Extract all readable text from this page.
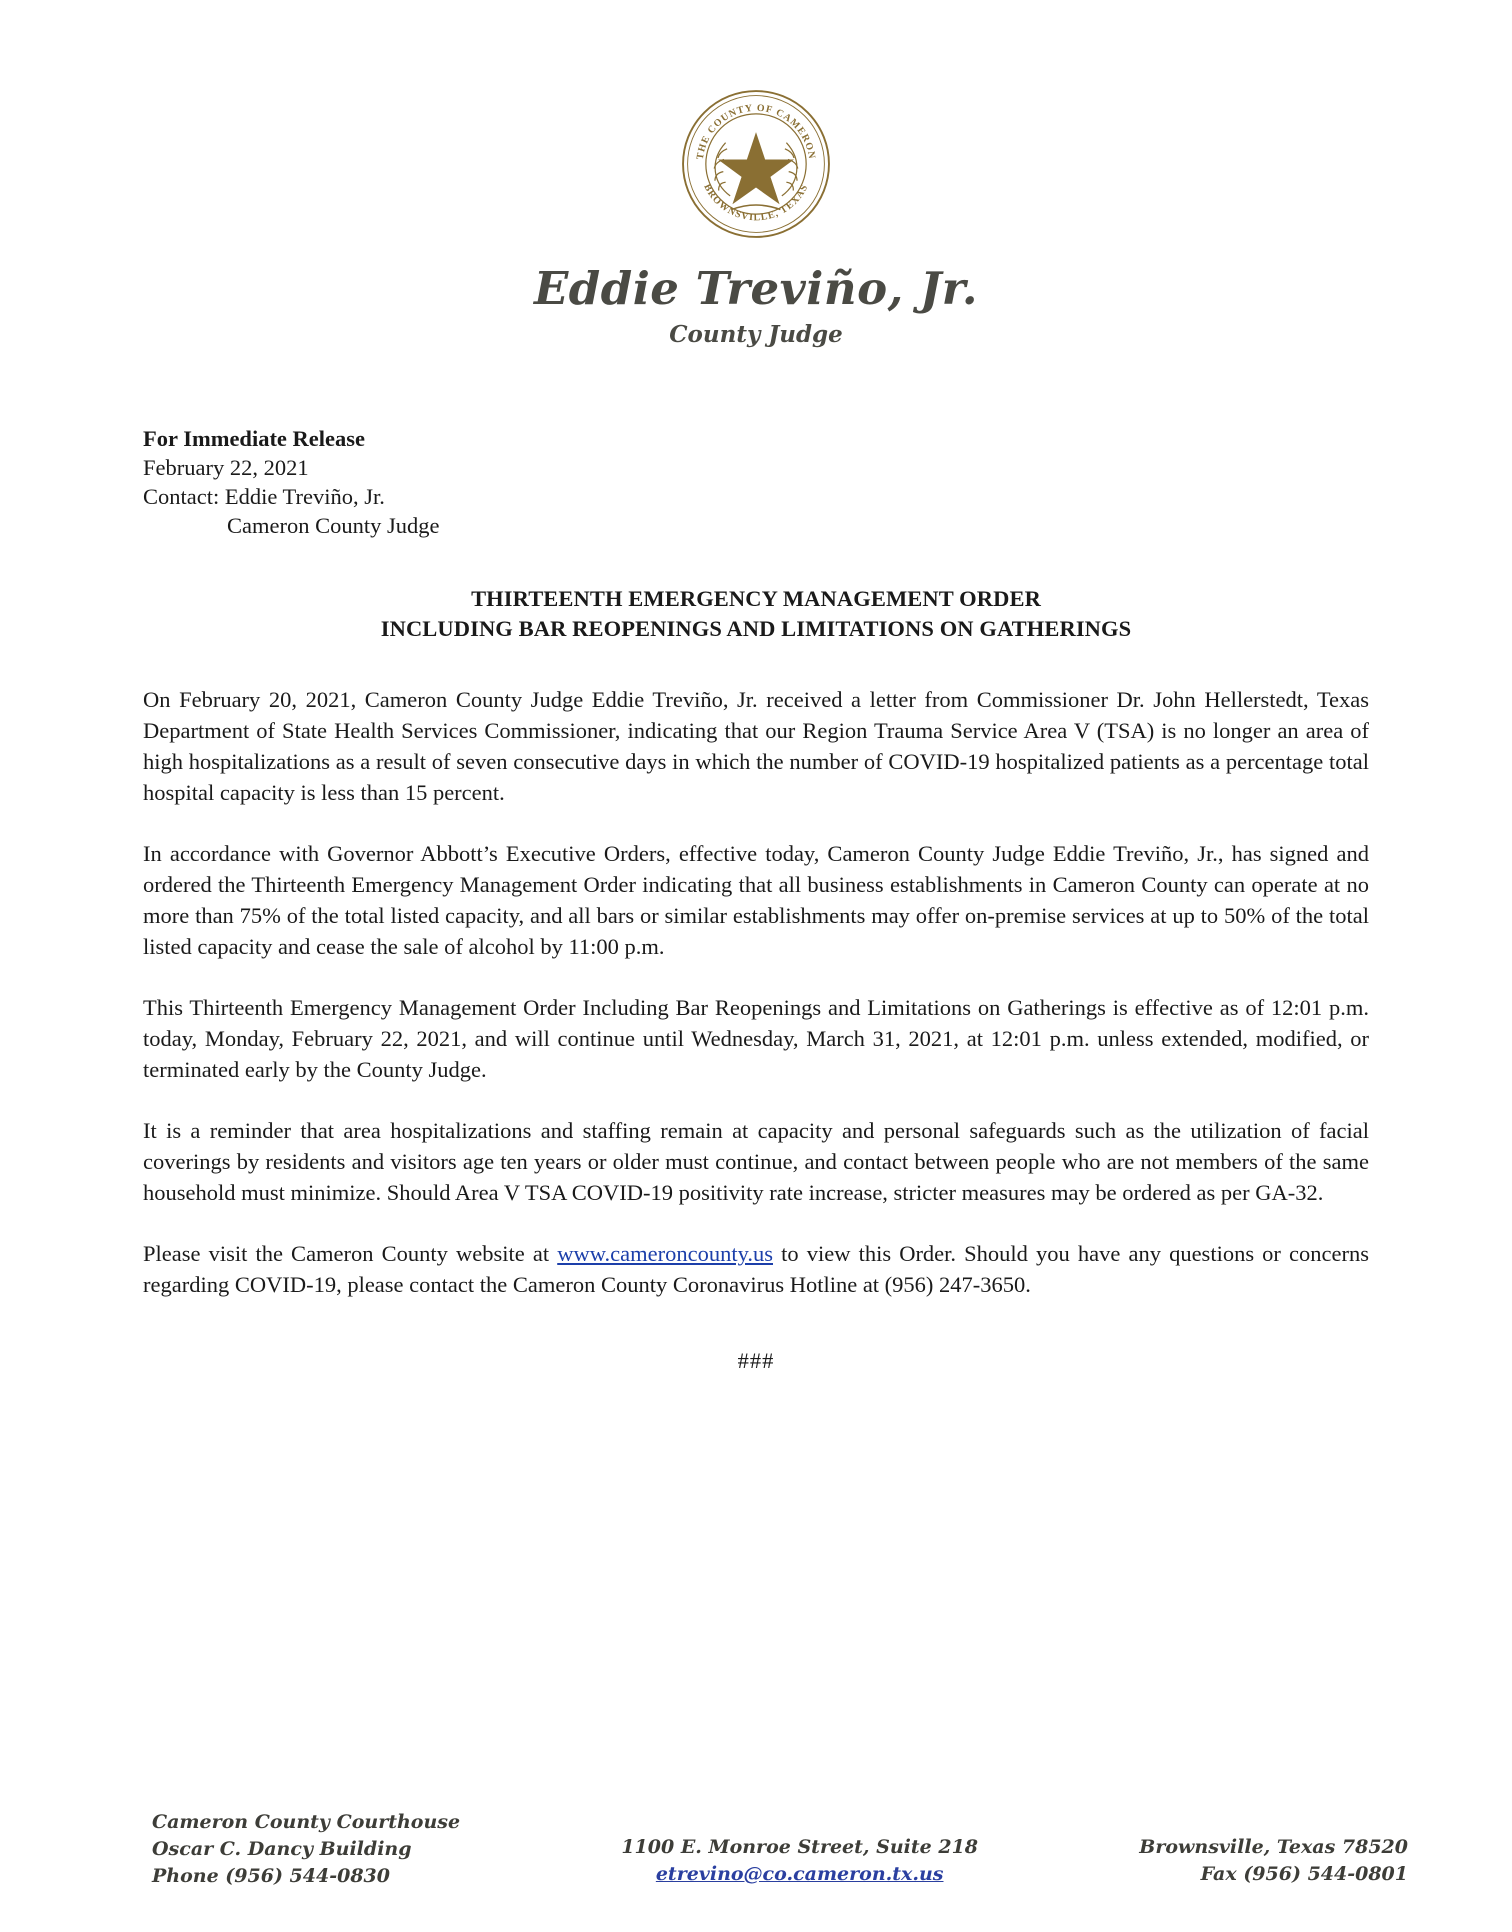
THE COUNTY OF CAMERON
BROWNSVILLE, TEXAS
Eddie Treviño, Jr.
County Judge
For Immediate Release
February 22, 2021
Contact: Eddie Treviño, Jr.
Cameron County Judge
THIRTEENTH EMERGENCY MANAGEMENT ORDER
INCLUDING BAR REOPENINGS AND LIMITATIONS ON GATHERINGS

On February 20, 2021, Cameron County Judge Eddie Treviño, Jr. received a letter from Commissioner Dr. John Hellerstedt, Texas Department of State Health Services Commissioner, indicating that our Region Trauma Service Area V (TSA) is no longer an area of high hospitalizations as a result of seven consecutive days in which the number of COVID-19 hospitalized patients as a percentage total hospital capacity is less than 15 percent.

In accordance with Governor Abbott’s Executive Orders, effective today, Cameron County Judge Eddie Treviño, Jr., has signed and ordered the Thirteenth Emergency Management Order indicating that all business establishments in Cameron County can operate at no more than 75% of the total listed capacity, and all bars or similar establishments may offer on-premise services at up to 50% of the total listed capacity and cease the sale of alcohol by 11:00 p.m.

This Thirteenth Emergency Management Order Including Bar Reopenings and Limitations on Gatherings is effective as of 12:01 p.m. today, Monday, February 22, 2021, and will continue until Wednesday, March 31, 2021, at 12:01 p.m. unless extended, modified, or terminated early by the County Judge.

It is a reminder that area hospitalizations and staffing remain at capacity and personal safeguards such as the utilization of facial coverings by residents and visitors age ten years or older must continue, and contact between people who are not members of the same household must minimize. Should Area V TSA COVID-19 positivity rate increase, stricter measures may be ordered as per GA-32.

Please visit the Cameron County website at www.cameroncounty.us to view this Order. Should you have any questions or concerns regarding COVID-19, please contact the Cameron County Coronavirus Hotline at (956) 247-3650.

###
Cameron County Courthouse
Oscar C. Dancy Building
Phone (956) 544-0830
1100 E. Monroe Street, Suite 218
etrevino@co.cameron.tx.us
Brownsville, Texas 78520
Fax (956) 544-0801
